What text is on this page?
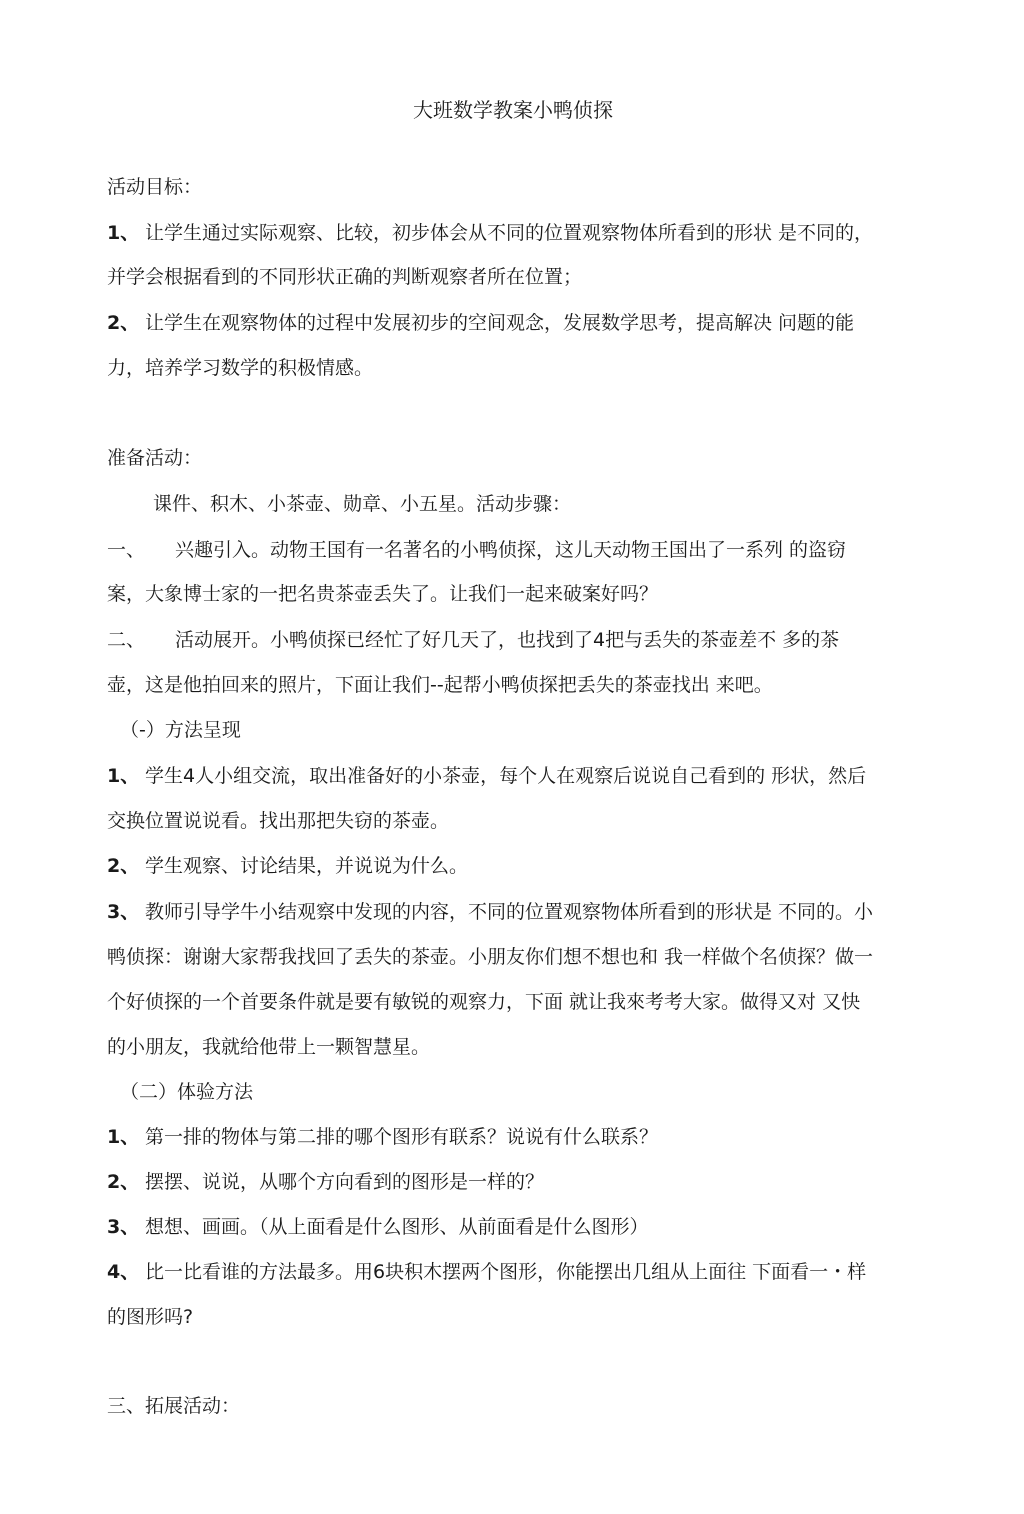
大班数学教案小鸭侦探
活动目标：
1、 让学生通过实际观察、比较，初步体会从不同的位置观察物体所看到的形状 是不同的，
并学会根据看到的不同形状正确的判断观察者所在位置；
2、 让学生在观察物体的过程中发展初步的空间观念，发展数学思考，提高解决 问题的能
力，培养学习数学的积极情感。
准备活动：
课件、积木、小茶壶、勋章、小五星。活动步骤：
一、 兴趣引入。动物王国有一名著名的小鸭侦探，这儿天动物王国出了一系列 的盗窃
案，大象博士家的一把名贵茶壶丢失了。让我们一起来破案好吗？
二、 活动展开。小鸭侦探已经忙了好几天了，也找到了4把与丢失的茶壶差不 多的茶
壶，这是他拍回来的照片，下面让我们--起帮小鸭侦探把丢失的茶壶找出 来吧。
（-）方法呈现
1、 学生4人小组交流，取出准备好的小茶壶，每个人在观察后说说自己看到的 形状，然后
交换位置说说看。找出那把失窃的茶壶。
2、 学生观察、讨论结果，并说说为什么。
3、 教师引导学牛小结观察中发现的内容，不同的位置观察物体所看到的形状是 不同的。小
鸭侦探：谢谢大家帮我找回了丢失的茶壶。小朋友你们想不想也和 我一样做个名侦探？做一
个好侦探的一个首要条件就是要有敏锐的观察力，下面 就让我來考考大家。做得又对 又快
的小朋友，我就给他带上一颗智慧星。
（二）体验方法
1、 第一排的物体与第二排的哪个图形有联系？说说有什么联系？
2、 摆摆、说说，从哪个方向看到的图形是一样的？
3、 想想、画画。（从上面看是什么图形、从前面看是什么图形）
4、 比一比看谁的方法最多。用6块积木摆两个图形，你能摆出几组从上面往 下面看一・样
的图形吗?
三、拓展活动：
